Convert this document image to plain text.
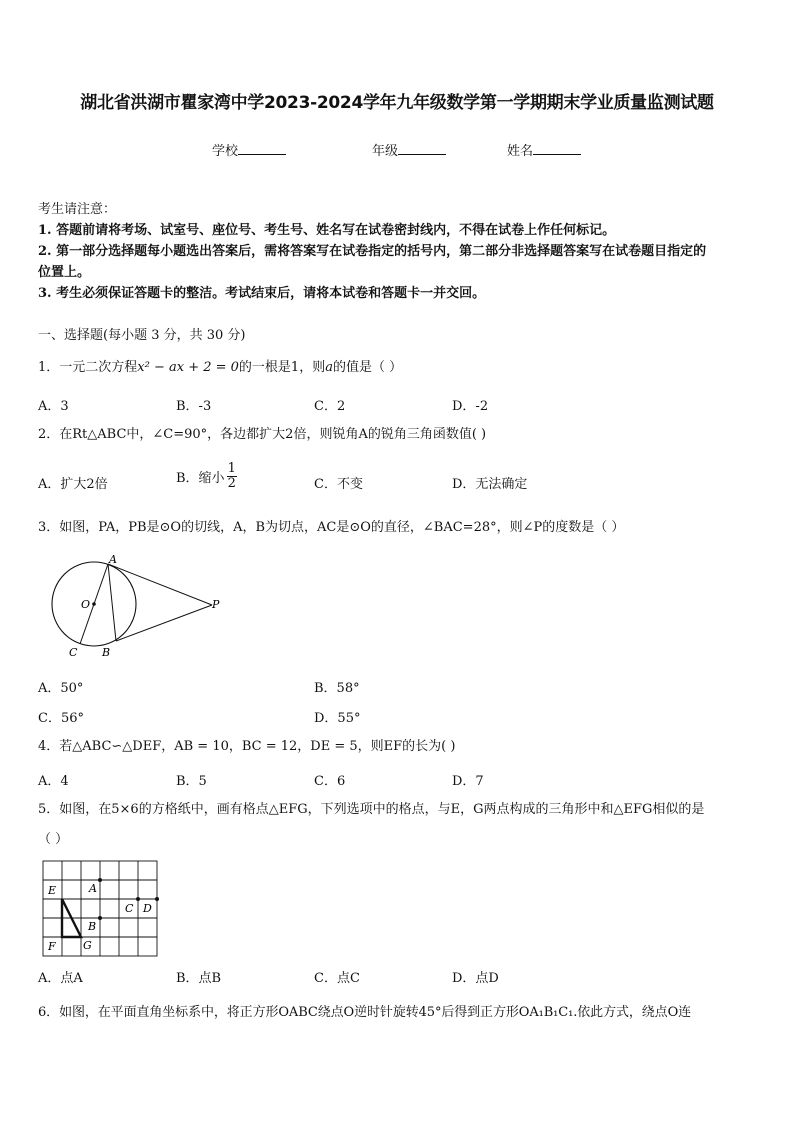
湖北省洪湖市瞿家湾中学2023-2024学年九年级数学第一学期期末学业质量监测试题
学校	年级	姓名
考生请注意：
1. 答题前请将考场、试室号、座位号、考生号、姓名写在试卷密封线内，不得在试卷上作任何标记。
2. 第一部分选择题每小题选出答案后，需将答案写在试卷指定的括号内，第二部分非选择题答案写在试卷题目指定的
位置上。
3. 考生必须保证答题卡的整洁。考试结束后，请将本试卷和答题卡一并交回。
一、选择题(每小题 3 分，共 30 分)
1．一元二次方程x² − ax + 2 = 0的一根是1，则a的值是（ ）
A．3	B．-3	C．2	D．-2
2．在Rt△ABC中，∠C=90°，各边都扩大2倍，则锐角A的锐角三角函数值( )
A．扩大2倍	B．缩小 $\frac{1}{2}$	C．不变	D．无法确定
3．如图，PA，PB是⊙O的切线，A，B为切点，AC是⊙O的直径，∠BAC=28°，则∠P的度数是（ ）
A
O	P
C B
A．50°	B．58°
C．56°	D．55°
4．若△ABC∽△DEF，AB = 10，BC = 12，DE = 5，则EF的长为( )
A．4	B．5	C．6	D．7
5．如图，在5×6的方格纸中，画有格点△EFG，下列选项中的格点，与E，G两点构成的三角形中和△EFG相似的是
（ ）
E	A
C D
B
F G
A．点A	B．点B	C．点C	D．点D
6．如图，在平面直角坐标系中，将正方形OABC绕点O逆时针旋转45°后得到正方形OA₁B₁C₁.依此方式，绕点O连
